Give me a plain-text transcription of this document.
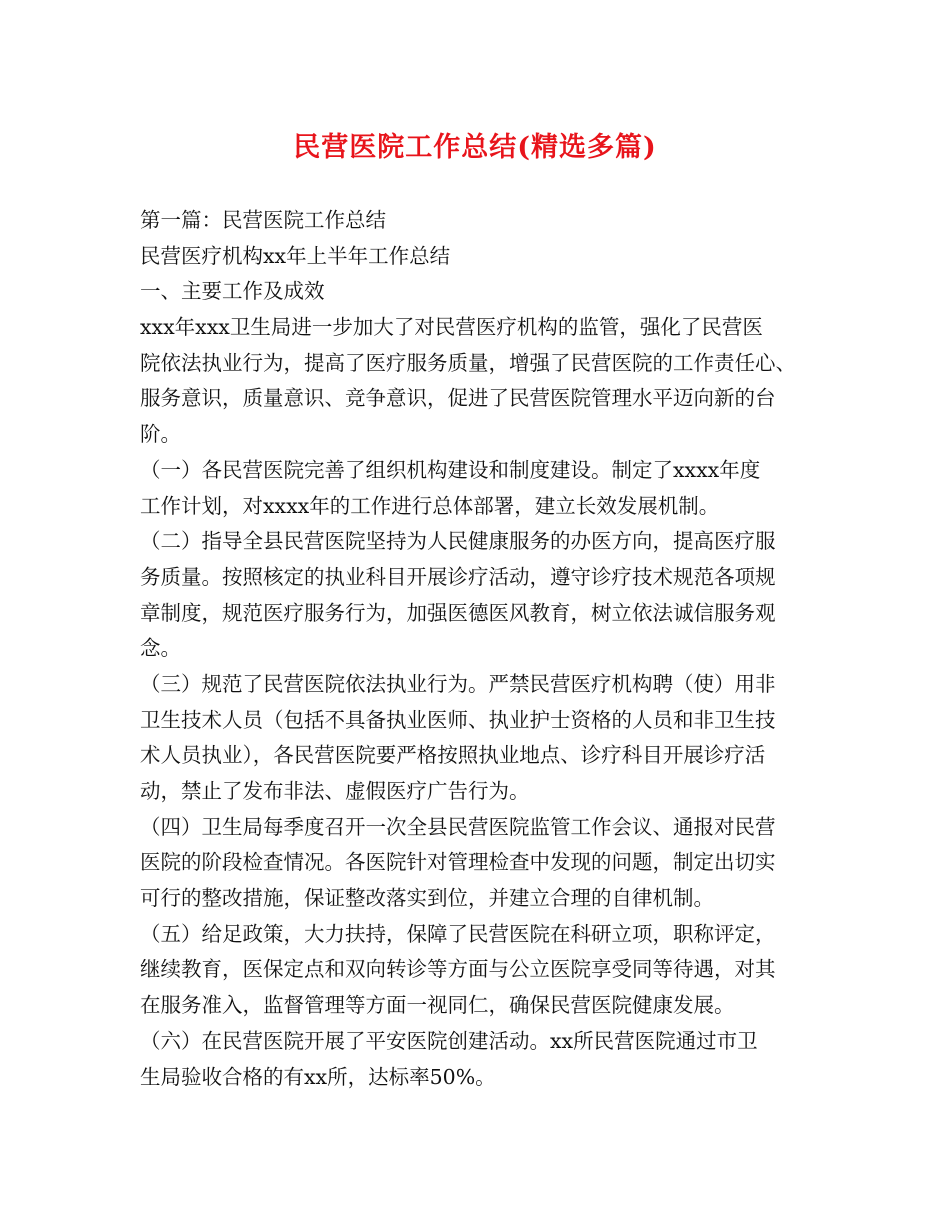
民营医院工作总结(精选多篇)
第一篇：民营医院工作总结
民营医疗机构xx年上半年工作总结
一、主要工作及成效
xxx年xxx卫生局进一步加大了对民营医疗机构的监管，强化了民营医
院依法执业行为，提高了医疗服务质量，增强了民营医院的工作责任心、
服务意识，质量意识、竞争意识，促进了民营医院管理水平迈向新的台
阶。
（一）各民营医院完善了组织机构建设和制度建设。制定了xxxx年度
工作计划，对xxxx年的工作进行总体部署，建立长效发展机制。
（二）指导全县民营医院坚持为人民健康服务的办医方向，提高医疗服
务质量。按照核定的执业科目开展诊疗活动，遵守诊疗技术规范各项规
章制度，规范医疗服务行为，加强医德医风教育，树立依法诚信服务观
念。
（三）规范了民营医院依法执业行为。严禁民营医疗机构聘（使）用非
卫生技术人员（包括不具备执业医师、执业护士资格的人员和非卫生技
术人员执业），各民营医院要严格按照执业地点、诊疗科目开展诊疗活
动，禁止了发布非法、虚假医疗广告行为。
（四）卫生局每季度召开一次全县民营医院监管工作会议、通报对民营
医院的阶段检查情况。各医院针对管理检查中发现的问题，制定出切实
可行的整改措施，保证整改落实到位，并建立合理的自律机制。
（五）给足政策，大力扶持，保障了民营医院在科研立项，职称评定，
继续教育，医保定点和双向转诊等方面与公立医院享受同等待遇，对其
在服务准入，监督管理等方面一视同仁，确保民营医院健康发展。
（六）在民营医院开展了平安医院创建活动。xx所民营医院通过市卫
生局验收合格的有xx所，达标率50%。
